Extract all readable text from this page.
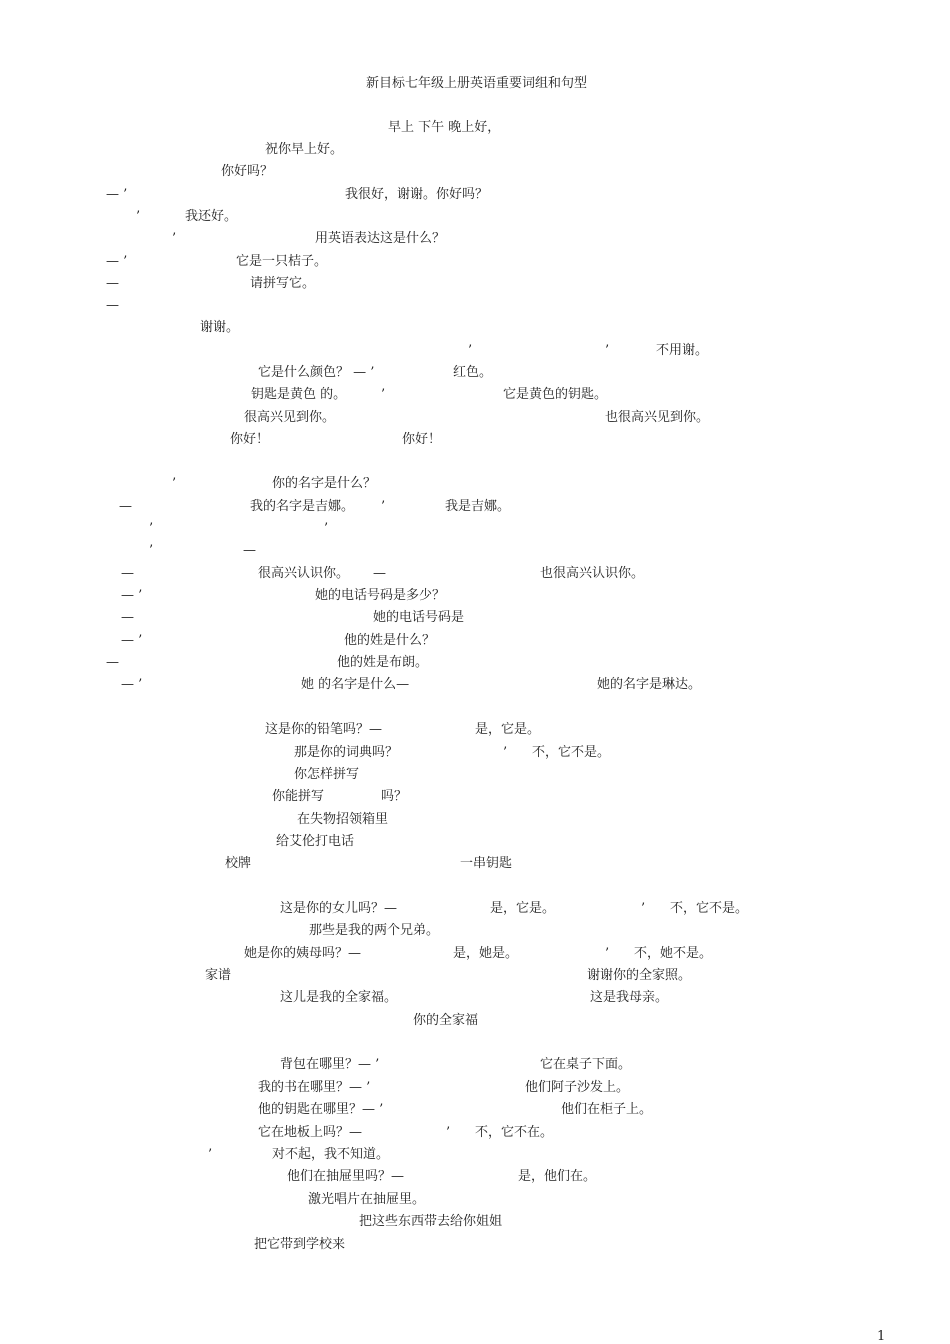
新目标七年级上册英语重要词组和句型
早上 下午 晚上好，
祝你早上好。
你好吗？
— ’	我很好，谢谢。你好吗？
’	我还好。
’	用英语表达这是什么？
— ’	它是一只桔子。
—	请拼写它。
—
谢谢。
’	’	不用谢。
它是什么颜色？ — ’	红色。
钥匙是黄色 的。	’	它是黄色的钥匙。
很高兴见到你。	也很高兴见到你。
你好！	你好！
’	你的名字是什么？
—	我的名字是吉娜。 ’	我是吉娜。
’	’
’	—
—	很高兴认识你。 —	也很高兴认识你。
— ’	她的电话号码是多少？
—	她的电话号码是
— ’	他的姓是什么？
—	他的姓是布朗。
— ’	她 的名字是什么—	她的名字是琳达。
这是你的铅笔吗？—	是，它是。
那是你的词典吗？	’ 不，它不是。
你怎样拼写
你能拼写	吗？
在失物招领箱里
给艾伦打电话
校牌	一串钥匙
这是你的女儿吗？—	是，它是。	’ 不，它不是。
那些是我的两个兄弟。
她是你的姨母吗？—	是，她是。	’ 不，她不是。
家谱	谢谢你的全家照。
这儿是我的全家福。	这是我母亲。
你的全家福
背包在哪里？— ’	它在桌子下面。
我的书在哪里？— ’	他们阿子沙发上。
他的钥匙在哪里？— ’	他们在柜子上。
它在地板上吗？—	’ 不，它不在。
’	对不起，我不知道。
他们在抽屉里吗？—	是，他们在。
激光唱片在抽屉里。
把这些东西带去给你姐姐
把它带到学校来
1
